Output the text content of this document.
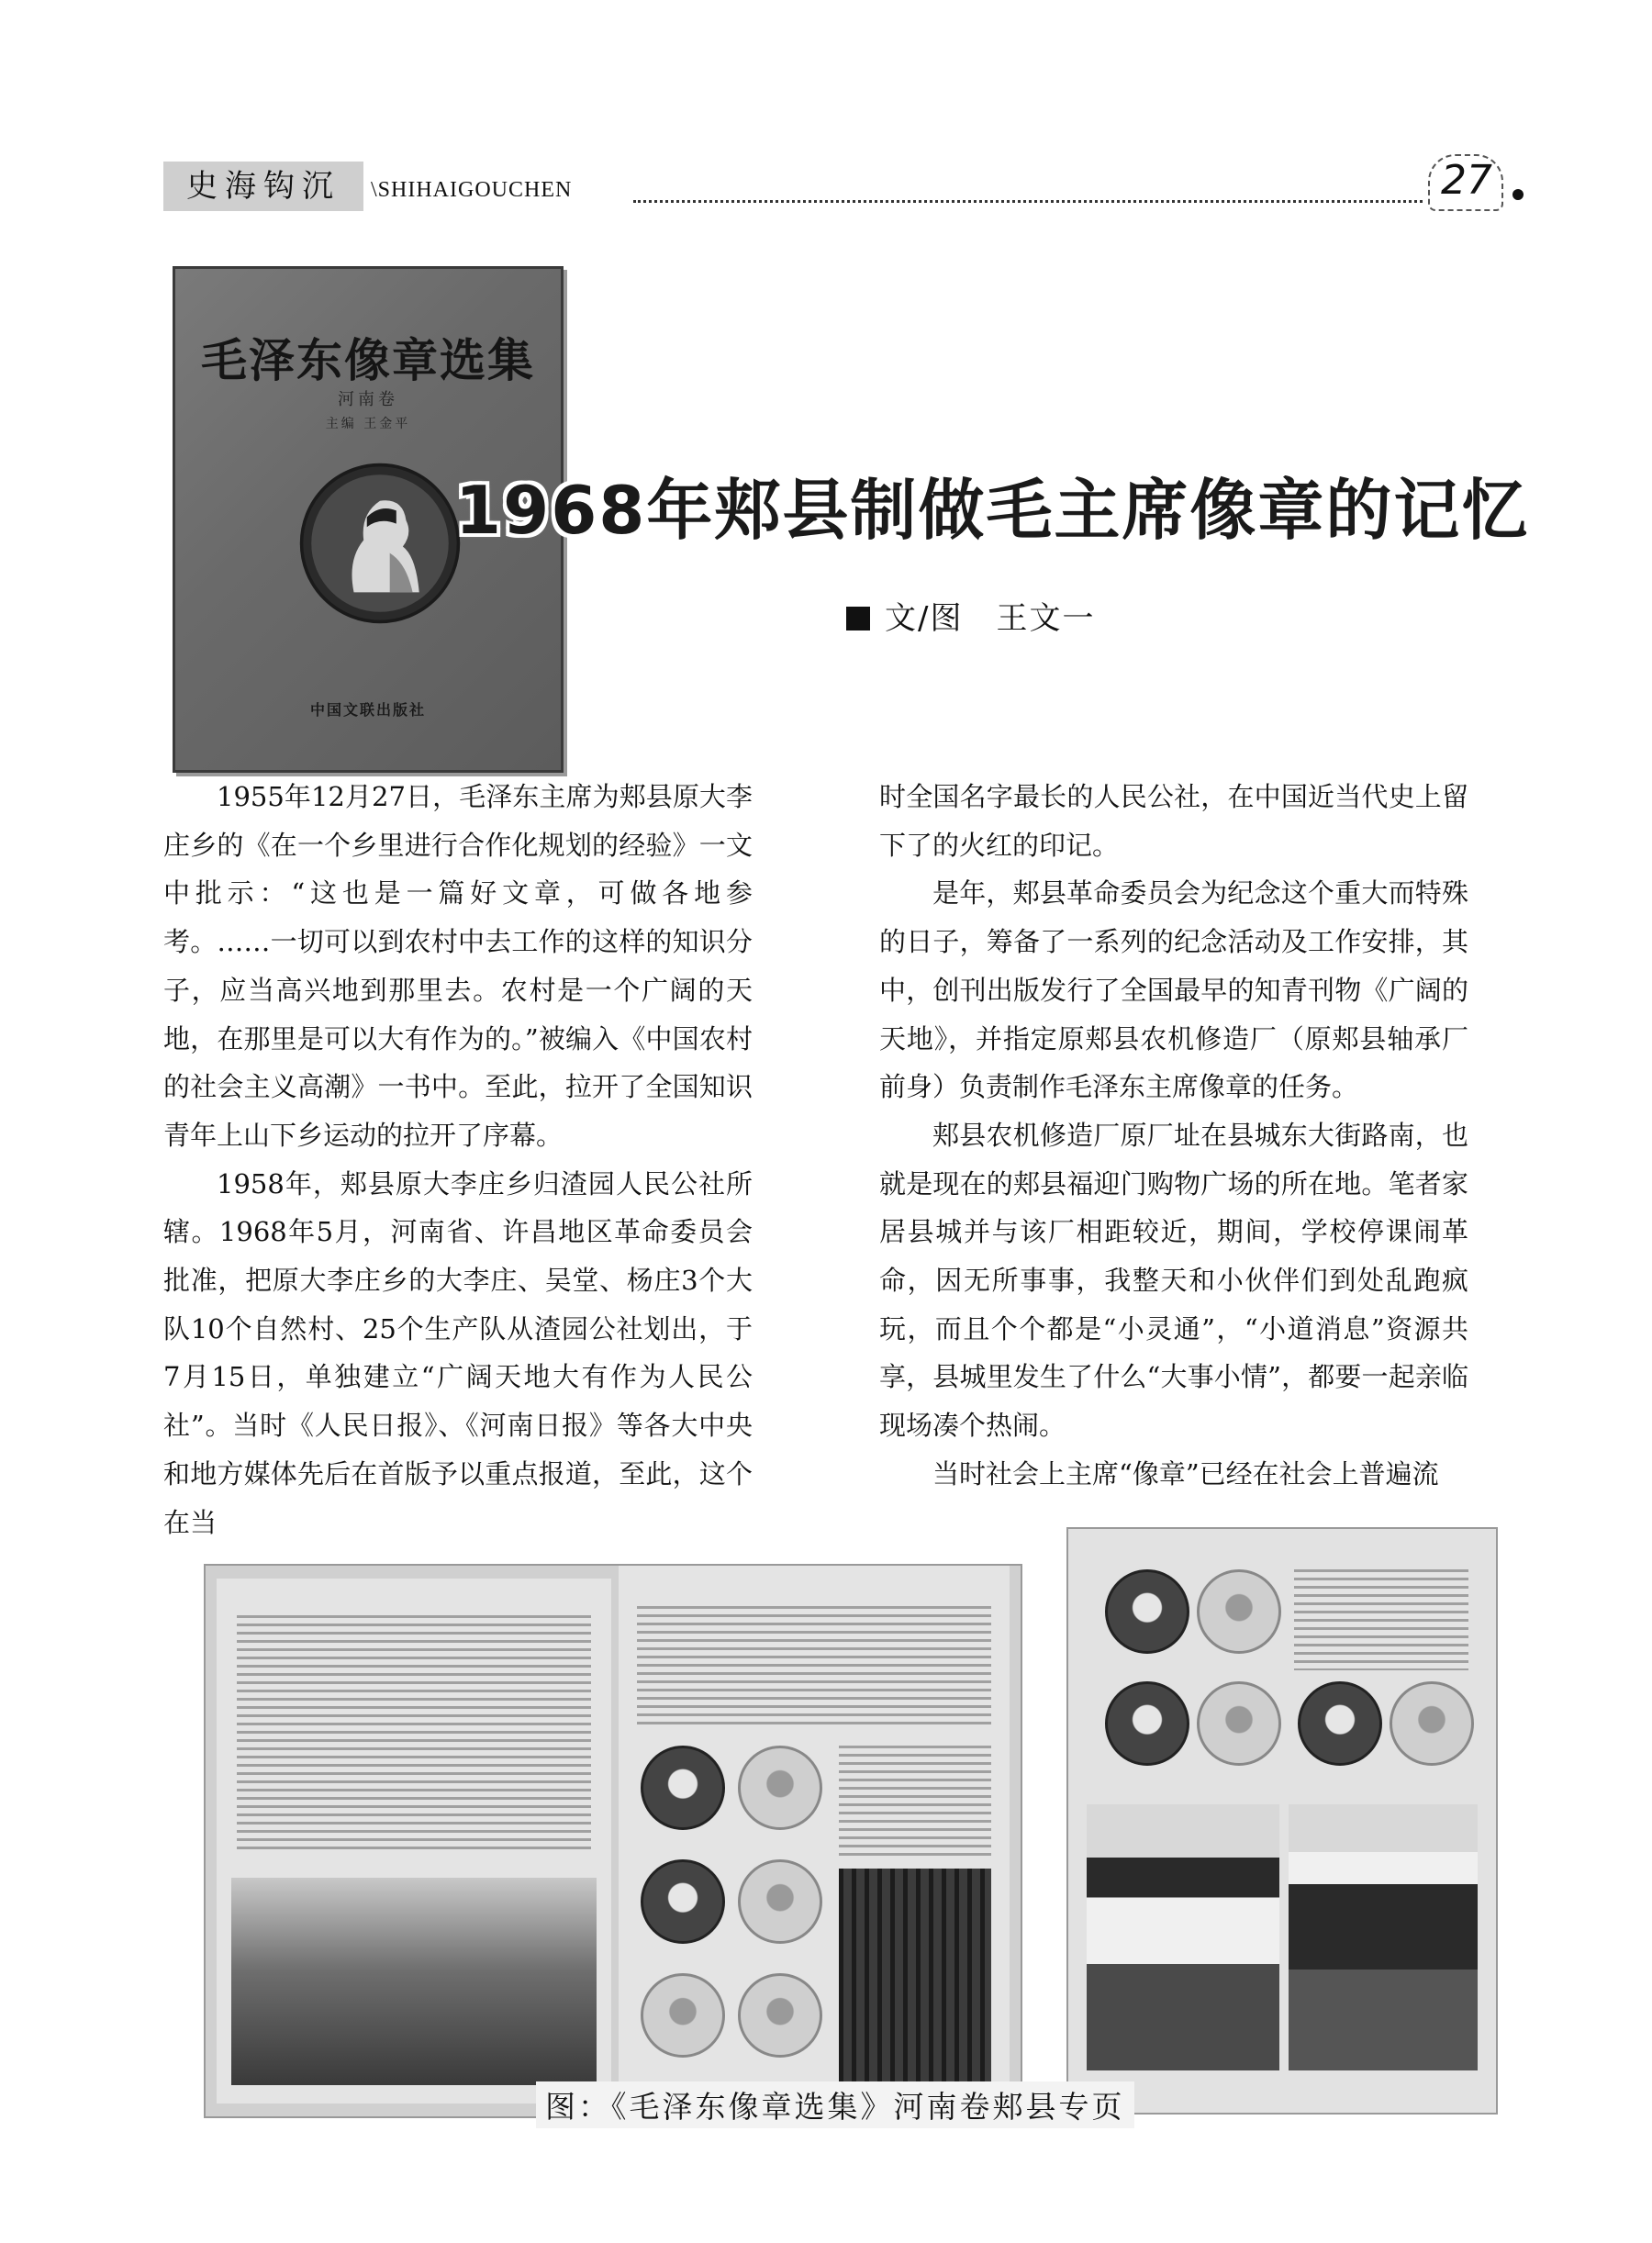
史海钩沉	\SHIHAIGOUCHEN	27
毛泽东像章选集
河南卷
主编 王金平
中国文联出版社
1968年郏县制做毛主席像章的记忆
文/图　王文一

1955年12月27日，毛泽东主席为郏县原大李庄乡的《在一个乡里进行合作化规划的经验》一文中批示：“这也是一篇好文章，可做各地参考。……一切可以到农村中去工作的这样的知识分子，应当高兴地到那里去。农村是一个广阔的天地，在那里是可以大有作为的。”被编入《中国农村的社会主义高潮》一书中。至此，拉开了全国知识青年上山下乡运动的拉开了序幕。

1958年，郏县原大李庄乡归渣园人民公社所辖。1968年5月，河南省、许昌地区革命委员会批准，把原大李庄乡的大李庄、吴堂、杨庄3个大队10个自然村、25个生产队从渣园公社划出，于7月15日，单独建立“广阔天地大有作为人民公社”。当时《人民日报》、《河南日报》等各大中央和地方媒体先后在首版予以重点报道，至此，这个在当

时全国名字最长的人民公社，在中国近当代史上留下了的火红的印记。

是年，郏县革命委员会为纪念这个重大而特殊的日子，筹备了一系列的纪念活动及工作安排，其中，创刊出版发行了全国最早的知青刊物《广阔的天地》，并指定原郏县农机修造厂（原郏县轴承厂前身）负责制作毛泽东主席像章的任务。

郏县农机修造厂原厂址在县城东大街路南，也就是现在的郏县福迎门购物广场的所在地。笔者家居县城并与该厂相距较近，期间，学校停课闹革命，因无所事事，我整天和小伙伴们到处乱跑疯玩，而且个个都是“小灵通”，“小道消息”资源共享，县城里发生了什么“大事小情”，都要一起亲临现场凑个热闹。

当时社会上主席“像章”已经在社会上普遍流

图：《毛泽东像章选集》河南卷郏县专页
